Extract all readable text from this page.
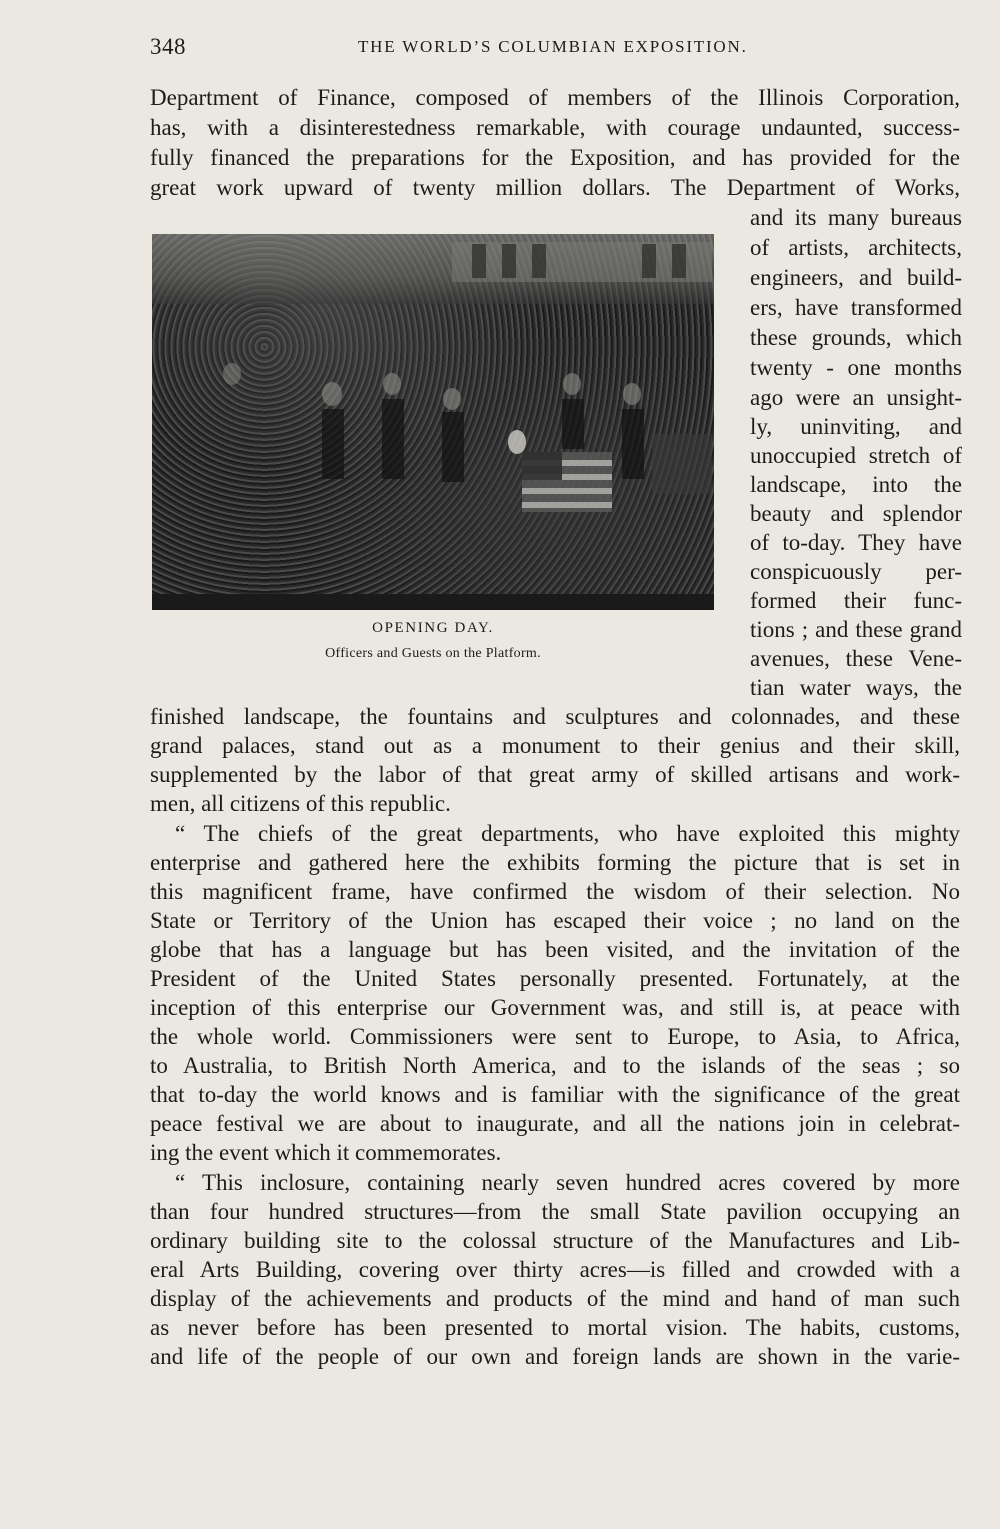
348	THE WORLD’S COLUMBIAN EXPOSITION.
Department of Finance, composed of members of the Illinois Corporation,
has, with a disinterestedness remarkable, with courage undaunted, success-
fully financed the preparations for the Exposition, and has provided for the
great work upward of twenty million dollars. The Department of Works,
OPENING DAY.
Officers and Guests on the Platform.
and its many bureaus
of artists, architects,
engineers, and build-
ers, have transformed
these grounds, which
twenty - one months
ago were an unsight-
ly, uninviting, and
unoccupied stretch of
landscape, into the
beauty and splendor
of to-day. They have
conspicuously per-
formed their func-
tions ; and these grand
avenues, these Vene-
tian water ways, the
finished landscape, the fountains and sculptures and colonnades, and these
grand palaces, stand out as a monument to their genius and their skill,
supplemented by the labor of that great army of skilled artisans and work-
men, all citizens of this republic.
“ The chiefs of the great departments, who have exploited this mighty
enterprise and gathered here the exhibits forming the picture that is set in
this magnificent frame, have confirmed the wisdom of their selection. No
State or Territory of the Union has escaped their voice ; no land on the
globe that has a language but has been visited, and the invitation of the
President of the United States personally presented. Fortunately, at the
inception of this enterprise our Government was, and still is, at peace with
the whole world. Commissioners were sent to Europe, to Asia, to Africa,
to Australia, to British North America, and to the islands of the seas ; so
that to-day the world knows and is familiar with the significance of the great
peace festival we are about to inaugurate, and all the nations join in celebrat-
ing the event which it commemorates.
“ This inclosure, containing nearly seven hundred acres covered by more
than four hundred structures—from the small State pavilion occupying an
ordinary building site to the colossal structure of the Manufactures and Lib-
eral Arts Building, covering over thirty acres—is filled and crowded with a
display of the achievements and products of the mind and hand of man such
as never before has been presented to mortal vision. The habits, customs,
and life of the people of our own and foreign lands are shown in the varie-
